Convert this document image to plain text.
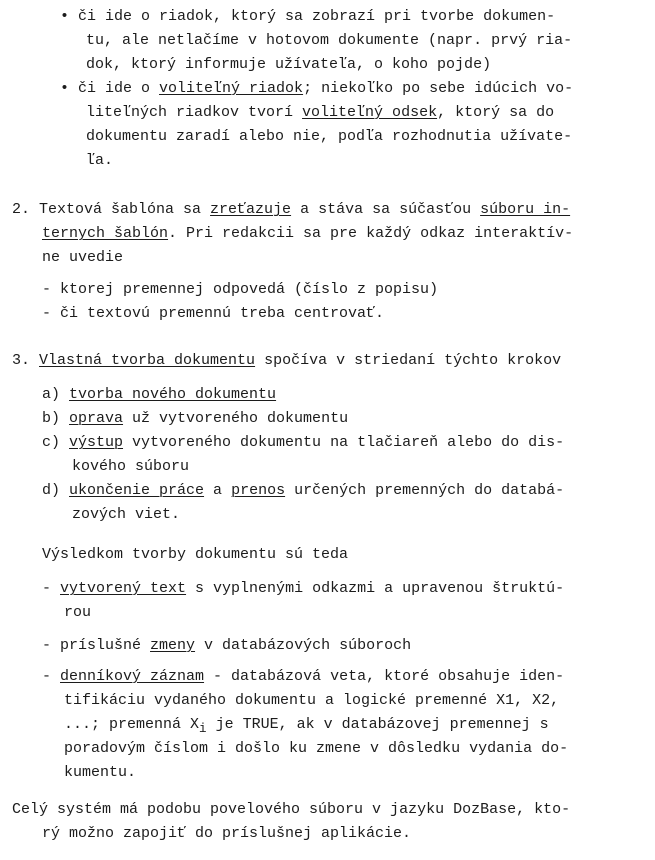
• či ide o riadok, ktorý sa zobrazí pri tvorbe dokumen-
tu, ale netlačíme v hotovom dokumente (napr. prvý ria-
dok, ktorý informuje užívateľa, o koho pojde)
• či ide o voliteľný riadok; niekoľko po sebe idúcich vo-
liteľných riadkov tvorí voliteľný odsek, ktorý sa do
dokumentu zaradí alebo nie, podľa rozhodnutia užívate-
ľa.
2. Textová šablóna sa zreťazuje a stáva sa súčasťou súboru in-
ternych šablón. Pri redakcii sa pre každý odkaz interaktív-
ne uvedie
- ktorej premennej odpovedá (číslo z popisu)
- či textovú premennú treba centrovať.
3. Vlastná tvorba dokumentu spočíva v striedaní týchto krokov
a) tvorba nového dokumentu
b) oprava už vytvoreného dokumentu
c) výstup vytvoreného dokumentu na tlačiareň alebo do dis-
kového súboru
d) ukončenie práce a prenos určených premenných do databá-
zových viet.
Výsledkom tvorby dokumentu sú teda
- vytvorený text s vyplnenými odkazmi a upravenou štruktú-
rou
- príslušné zmeny v databázových súboroch
- denníkový záznam - databázová veta, ktoré obsahuje iden-
tifikáciu vydaného dokumentu a logické premenné X1, X2,
...; premenná $X_i$ je TRUE, ak v databázovej premennej s
poradovým číslom i došlo ku zmene v dôsledku vydania do-
kumentu.
Celý systém má podobu povelového súboru v jazyku DozBase, kto-
rý možno zapojiť do príslušnej aplikácie.
